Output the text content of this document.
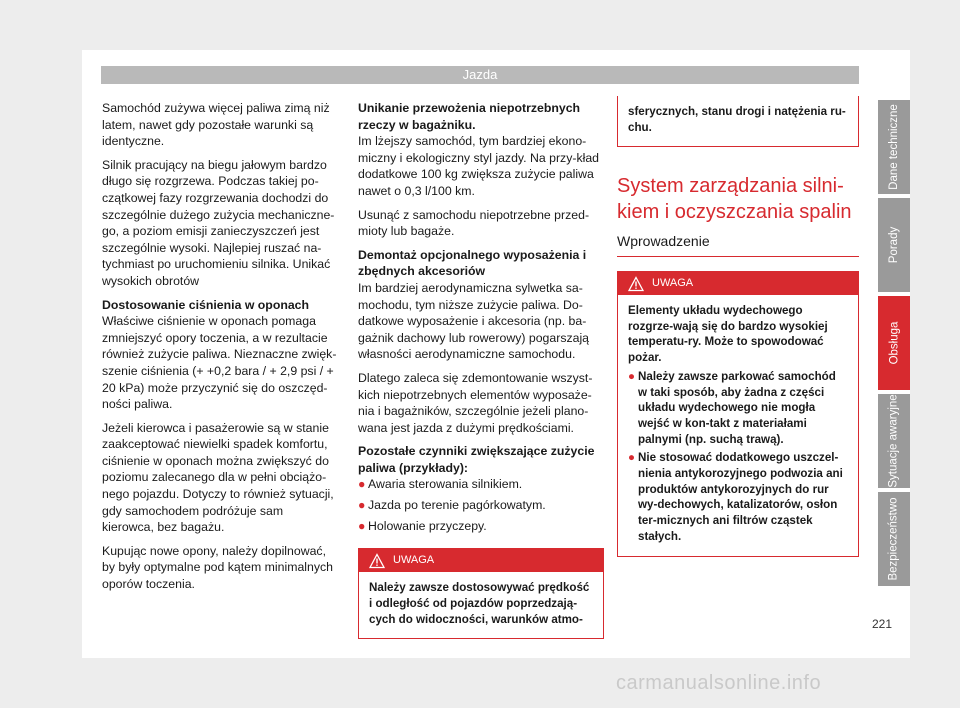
Jazda

Samochód zużywa więcej paliwa zimą niż latem, nawet gdy pozostałe warunki są identyczne.

Silnik pracujący na biegu jałowym bardzo długo się rozgrzewa. Podczas takiej po-czątkowej fazy rozgrzewania dochodzi do szczególnie dużego zużycia mechaniczne-go, a poziom emisji zanieczyszczeń jest szczególnie wysoki. Najlepiej ruszać na-tychmiast po uruchomieniu silnika. Unikać wysokich obrotów

Dostosowanie ciśnienia w oponach

Właściwe ciśnienie w oponach pomaga zmniejszyć opory toczenia, a w rezultacie również zużycie paliwa. Nieznaczne zwięk-szenie ciśnienia (+ +0,2 bara / + 2,9 psi / + 20 kPa) może przyczynić się do oszczęd-ności paliwa.

Jeżeli kierowca i pasażerowie są w stanie zaakceptować niewielki spadek komfortu, ciśnienie w oponach można zwiększyć do poziomu zalecanego dla w pełni obciążo-nego pojazdu. Dotyczy to również sytuacji, gdy samochodem podróżuje sam kierowca, bez bagażu.

Kupując nowe opony, należy dopilnować, by były optymalne pod kątem minimalnych oporów toczenia.

Unikanie przewożenia niepotrzebnych rzeczy w bagażniku.

Im lżejszy samochód, tym bardziej ekono-miczny i ekologiczny styl jazdy. Na przy-kład dodatkowe 100 kg zwiększa zużycie paliwa nawet o 0,3 l/100 km.

Usunąć z samochodu niepotrzebne przed-mioty lub bagaże.

Demontaż opcjonalnego wyposażenia i zbędnych akcesoriów

Im bardziej aerodynamiczna sylwetka sa-mochodu, tym niższe zużycie paliwa. Do-datkowe wyposażenie i akcesoria (np. ba-gażnik dachowy lub rowerowy) pogarszają własności aerodynamiczne samochodu.

Dlatego zaleca się zdemontowanie wszyst-kich niepotrzebnych elementów wyposaże-nia i bagażników, szczególnie jeżeli plano-wana jest jazda z dużymi prędkościami.

Pozostałe czynniki zwiększające zużycie paliwa (przykłady):
● Awaria sterowania silnikiem.
● Jazda po terenie pagórkowatym.
● Holowanie przyczepy.
UWAGA

Należy zawsze dostosowywać prędkość i odległość od pojazdów poprzedzają-cych do widoczności, warunków atmo-

sferycznych, stanu drogi i natężenia ru-chu.

System zarządzania silni-kiem i oczyszczania spalin
Wprowadzenie
UWAGA

Elementy układu wydechowego rozgrze-wają się do bardzo wysokiej temperatu-ry. Może to spowodować pożar.

● Należy zawsze parkować samochód w taki sposób, aby żadna z części układu wydechowego nie mogła wejść w kon-takt z materiałami palnymi (np. suchą trawą).
● Nie stosować dodatkowego uszczel-nienia antykorozyjnego podwozia ani produktów antykorozyjnych do rur wy-dechowych, katalizatorów, osłon ter-micznych ani filtrów cząstek stałych.
Dane techniczne
Porady
Obsługa
Sytuacje awaryjne
Bezpieczeństwo
221
carmanualsonline.info
